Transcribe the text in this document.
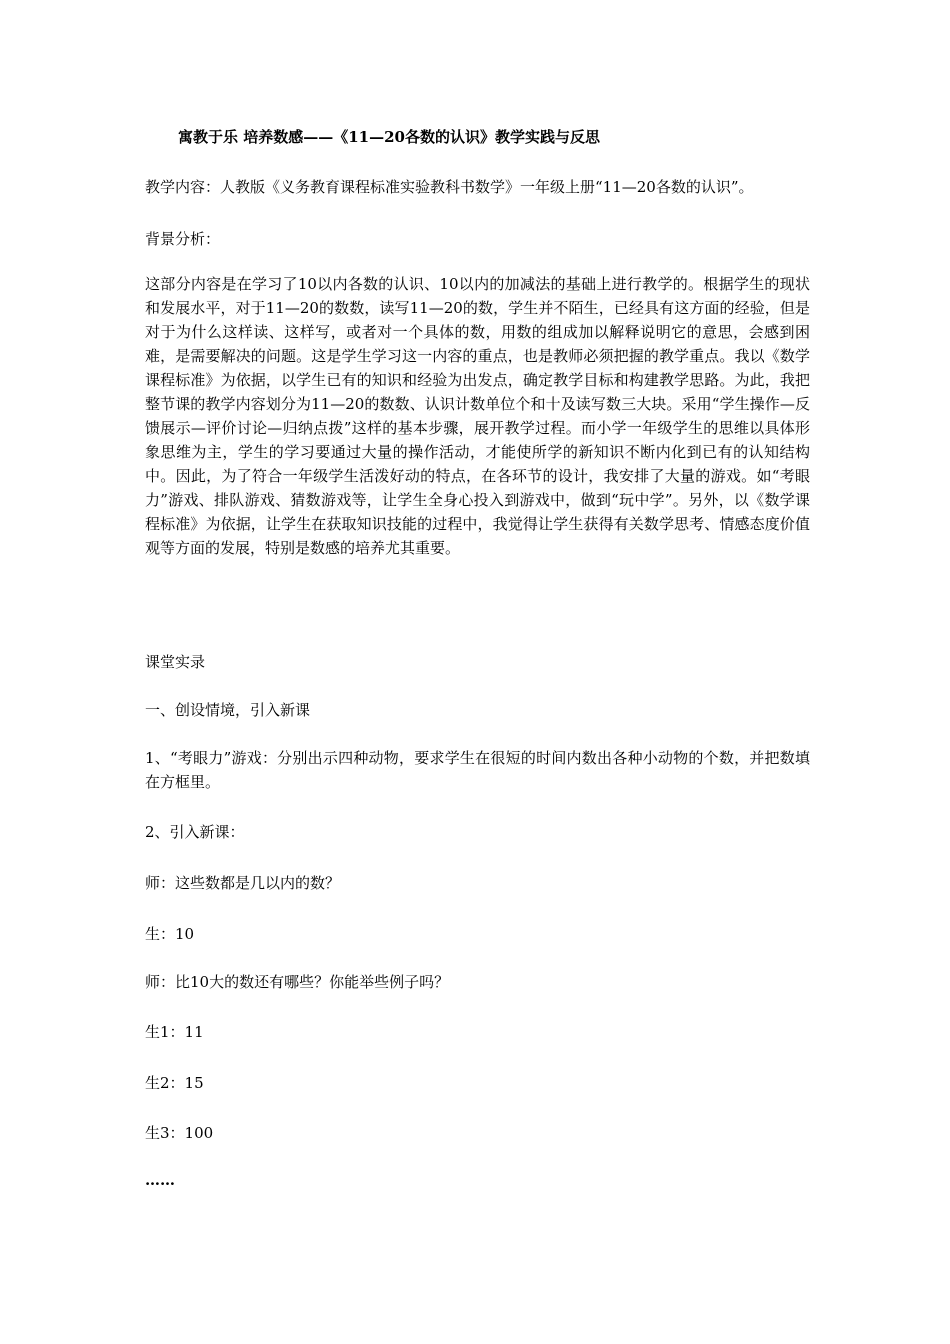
寓教于乐 培养数感——《11—20各数的认识》教学实践与反思

教学内容：人教版《义务教育课程标准实验教科书数学》一年级上册“11—20各数的认识”。

背景分析：

这部分内容是在学习了10以内各数的认识、10以内的加减法的基础上进行教学的。根据学生的现状和发展水平，对于11—20的数数，读写11—20的数，学生并不陌生，已经具有这方面的经验，但是对于为什么这样读、这样写，或者对一个具体的数，用数的组成加以解释说明它的意思，会感到困难，是需要解决的问题。这是学生学习这一内容的重点，也是教师必须把握的教学重点。我以《数学课程标准》为依据，以学生已有的知识和经验为出发点，确定教学目标和构建教学思路。为此，我把整节课的教学内容划分为11—20的数数、认识计数单位个和十及读写数三大块。采用“学生操作—反馈展示—评价讨论—归纳点拨”这样的基本步骤，展开教学过程。而小学一年级学生的思维以具体形象思维为主，学生的学习要通过大量的操作活动，才能使所学的新知识不断内化到已有的认知结构中。因此，为了符合一年级学生活泼好动的特点，在各环节的设计，我安排了大量的游戏。如“考眼力”游戏、排队游戏、猜数游戏等，让学生全身心投入到游戏中，做到“玩中学”。另外，以《数学课程标准》为依据，让学生在获取知识技能的过程中，我觉得让学生获得有关数学思考、情感态度价值观等方面的发展，特别是数感的培养尤其重要。

课堂实录

一、创设情境，引入新课

1、“考眼力”游戏：分别出示四种动物，要求学生在很短的时间内数出各种小动物的个数，并把数填在方框里。

2、引入新课：

师：这些数都是几以内的数？

生：10

师：比10大的数还有哪些？你能举些例子吗？

生1：11

生2：15

生3：100

……
